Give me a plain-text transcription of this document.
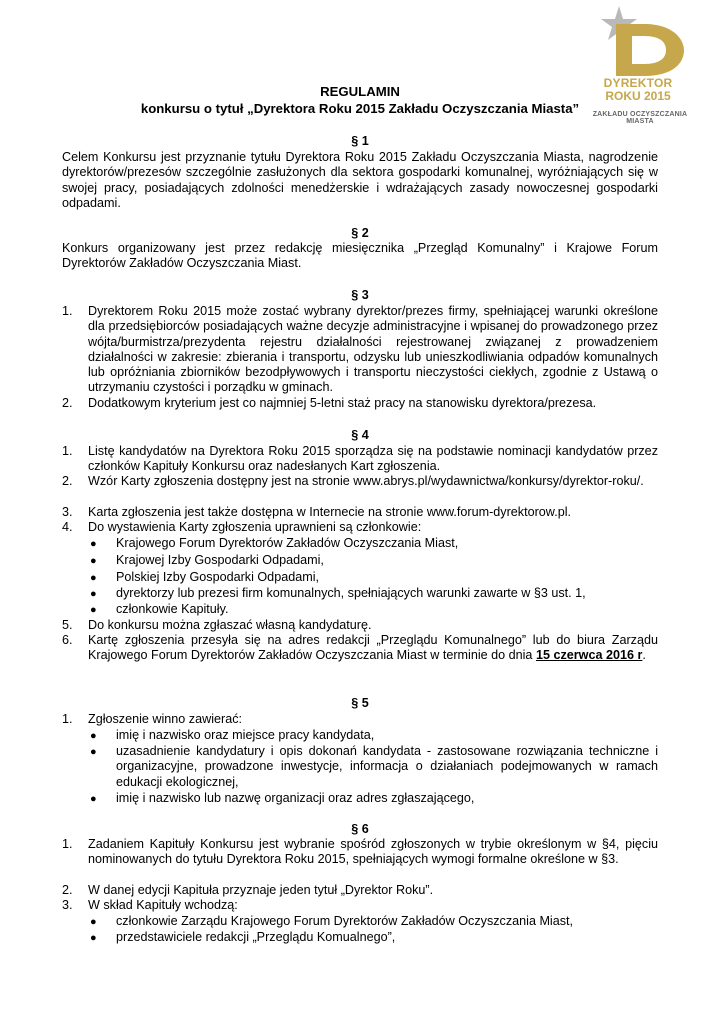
DYREKTOR
ROKU 2015
ZAKŁADU OCZYSZCZANIA MIASTA
REGULAMIN
konkursu o tytuł „Dyrektora Roku 2015 Zakładu Oczyszczania Miasta”
§ 1
Celem Konkursu jest przyznanie tytułu Dyrektora Roku 2015 Zakładu Oczyszczania Miasta, nagrodzenie dyrektorów/prezesów szczególnie zasłużonych dla sektora gospodarki komunalnej, wyróżniających się w swojej pracy, posiadających zdolności menedżerskie i wdrażających zasady nowoczesnej gospodarki odpadami.
§ 2
Konkurs organizowany jest przez redakcję miesięcznika „Przegląd Komunalny” i Krajowe Forum Dyrektorów Zakładów Oczyszczania Miast.
§ 3
1. Dyrektorem Roku 2015 może zostać wybrany dyrektor/prezes firmy, spełniającej warunki określone dla przedsiębiorców posiadających ważne decyzje administracyjne i wpisanej do prowadzonego przez wójta/burmistrza/prezydenta rejestru działalności rejestrowanej związanej z prowadzeniem działalności w zakresie: zbierania i transportu, odzysku lub unieszkodliwiania odpadów komunalnych lub opróżniania zbiorników bezodpływowych i transportu nieczystości ciekłych, zgodnie z Ustawą o utrzymaniu czystości i porządku w gminach.
2. Dodatkowym kryterium jest co najmniej 5-letni staż pracy na stanowisku dyrektora/prezesa.
§ 4
1. Listę kandydatów na Dyrektora Roku 2015 sporządza się na podstawie nominacji kandydatów przez członków Kapituły Konkursu oraz nadesłanych Kart zgłoszenia.
2. Wzór Karty zgłoszenia dostępny jest na stronie www.abrys.pl/wydawnictwa/konkursy/dyrektor-roku/.
3. Karta zgłoszenia jest także dostępna w Internecie na stronie www.forum-dyrektorow.pl.
4. Do wystawienia Karty zgłoszenia uprawnieni są członkowie:
● Krajowego Forum Dyrektorów Zakładów Oczyszczania Miast,
● Krajowej Izby Gospodarki Odpadami,
● Polskiej Izby Gospodarki Odpadami,
● dyrektorzy lub prezesi firm komunalnych, spełniających warunki zawarte w §3 ust. 1,
● członkowie Kapituły.
5. Do konkursu można zgłaszać własną kandydaturę.
6. Kartę zgłoszenia przesyła się na adres redakcji „Przeglądu Komunalnego” lub do biura Zarządu Krajowego Forum Dyrektorów Zakładów Oczyszczania Miast w terminie do dnia 15 czerwca 2016 r.
§ 5
1. Zgłoszenie winno zawierać:
● imię i nazwisko oraz miejsce pracy kandydata,
● uzasadnienie kandydatury i opis dokonań kandydata - zastosowane rozwiązania techniczne i organizacyjne, prowadzone inwestycje, informacja o działaniach podejmowanych w ramach edukacji ekologicznej,
● imię i nazwisko lub nazwę organizacji oraz adres zgłaszającego,
§ 6
1. Zadaniem Kapituły Konkursu jest wybranie spośród zgłoszonych w trybie określonym w §4, pięciu nominowanych do tytułu Dyrektora Roku 2015, spełniających wymogi formalne określone w §3.
2. W danej edycji Kapituła przyznaje jeden tytuł „Dyrektor Roku”.
3. W skład Kapituły wchodzą:
● członkowie Zarządu Krajowego Forum Dyrektorów Zakładów Oczyszczania Miast,
● przedstawiciele redakcji „Przeglądu Komualnego”,
